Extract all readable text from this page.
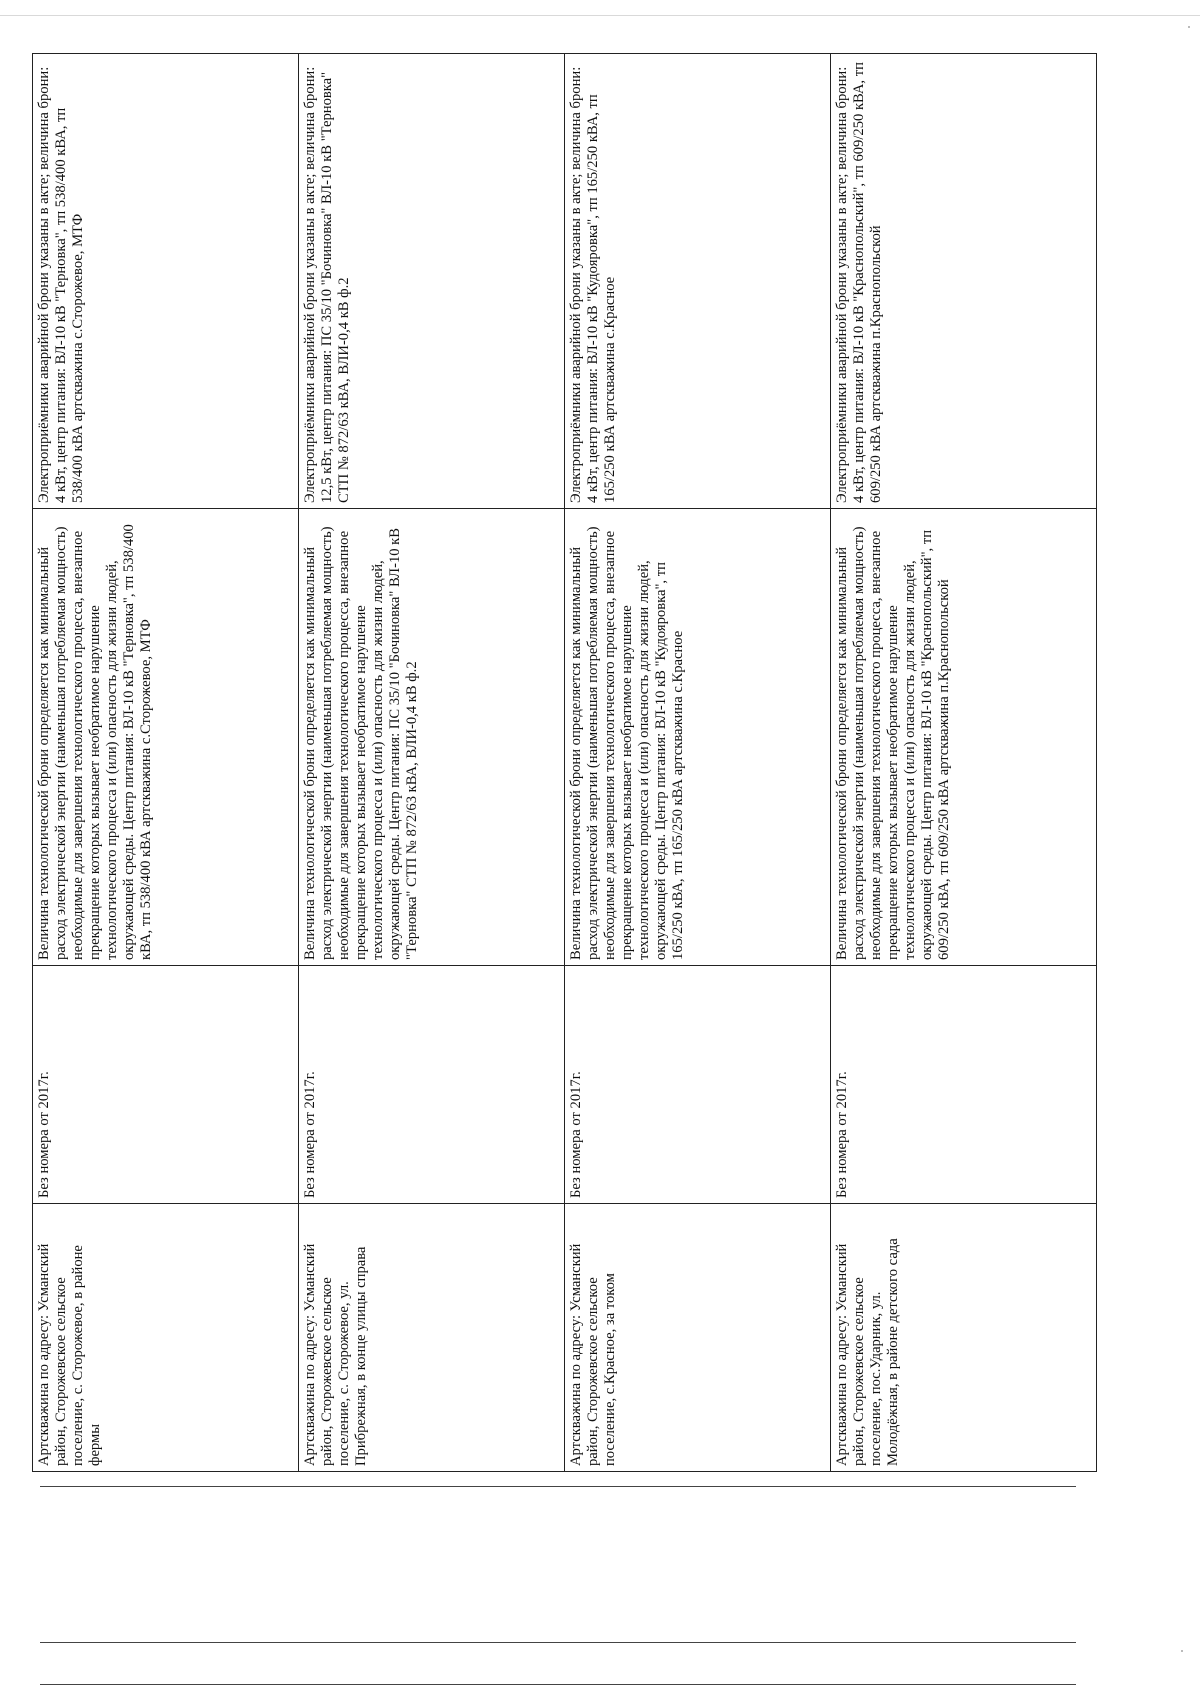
Артскважина по адресу: Усманский район, Сторожевское сельское поселение, с. Сторожевое, в районе фермы	Без номера от 2017г.	Величина технологической брони определяется как минимальный расход электрической энергии (наименьшая потребляемая мощность) необходимые для завершения технологического процесса, внезапное прекращение которых вызывает необратимое нарушение технологического процесса и (или) опасность для жизни людей, окружающей среды. Центр питания: ВЛ-10 кВ "Терновка", тп 538/400 кВА, тп 538/400 кВА артскважина с.Сторожевое, МТФ	Электроприёмники аварийной брони указаны в акте; величина брони: 4 кВт, центр питания: ВЛ-10 кВ "Терновка", тп 538/400 кВА, тп 538/400 кВА артскважина с.Сторожевое, МТФ

Артскважина по адресу: Усманский район, Сторожевское сельское поселение, с. Сторожевое, ул. Прибрежная, в конце улицы справа	Без номера от 2017г.	Величина технологической брони определяется как минимальный расход электрической энергии (наименьшая потребляемая мощность) необходимые для завершения технологического процесса, внезапное прекращение которых вызывает необратимое нарушение технологического процесса и (или) опасность для жизни людей, окружающей среды. Центр питания: ПС 35/10 "Бочиновка" ВЛ-10 кВ "Терновка" СТП № 872/63 кВА, ВЛИ-0,4 кВ ф.2	Электроприёмники аварийной брони указаны в акте; величина брони: 12,5 кВт, центр питания: ПС 35/10 "Бочиновка" ВЛ-10 кВ "Терновка" СТП № 872/63 кВА, ВЛИ-0,4 кВ ф.2

Артскважина по адресу: Усманский район, Сторожевское сельское поселение, с.Красное, за током	Без номера от 2017г.	Величина технологической брони определяется как минимальный расход электрической энергии (наименьшая потребляемая мощность) необходимые для завершения технологического процесса, внезапное прекращение которых вызывает необратимое нарушение технологического процесса и (или) опасность для жизни людей, окружающей среды. Центр питания: ВЛ-10 кВ "Кудояровка", тп 165/250 кВА, тп 165/250 кВА артскважина с.Красное	Электроприёмники аварийной брони указаны в акте; величина брони: 4 кВт, центр питания: ВЛ-10 кВ "Кудояровка", тп 165/250 кВА, тп 165/250 кВА артскважина с.Красное

Артскважина по адресу: Усманский район, Сторожевское сельское поселение, пос.Ударник, ул. Молодёжная, в районе детского сада	Без номера от 2017г.	Величина технологической брони определяется как минимальный расход электрической энергии (наименьшая потребляемая мощность) необходимые для завершения технологического процесса, внезапное прекращение которых вызывает необратимое нарушение технологического процесса и (или) опасность для жизни людей, окружающей среды. Центр питания: ВЛ-10 кВ "Краснопольский", тп 609/250 кВА, тп 609/250 кВА артскважина п.Краснопольской	Электроприёмники аварийной брони указаны в акте; величина брони: 4 кВт, центр питания: ВЛ-10 кВ "Краснопольский", тп 609/250 кВА, тп 609/250 кВА артскважина п.Краснопольской
